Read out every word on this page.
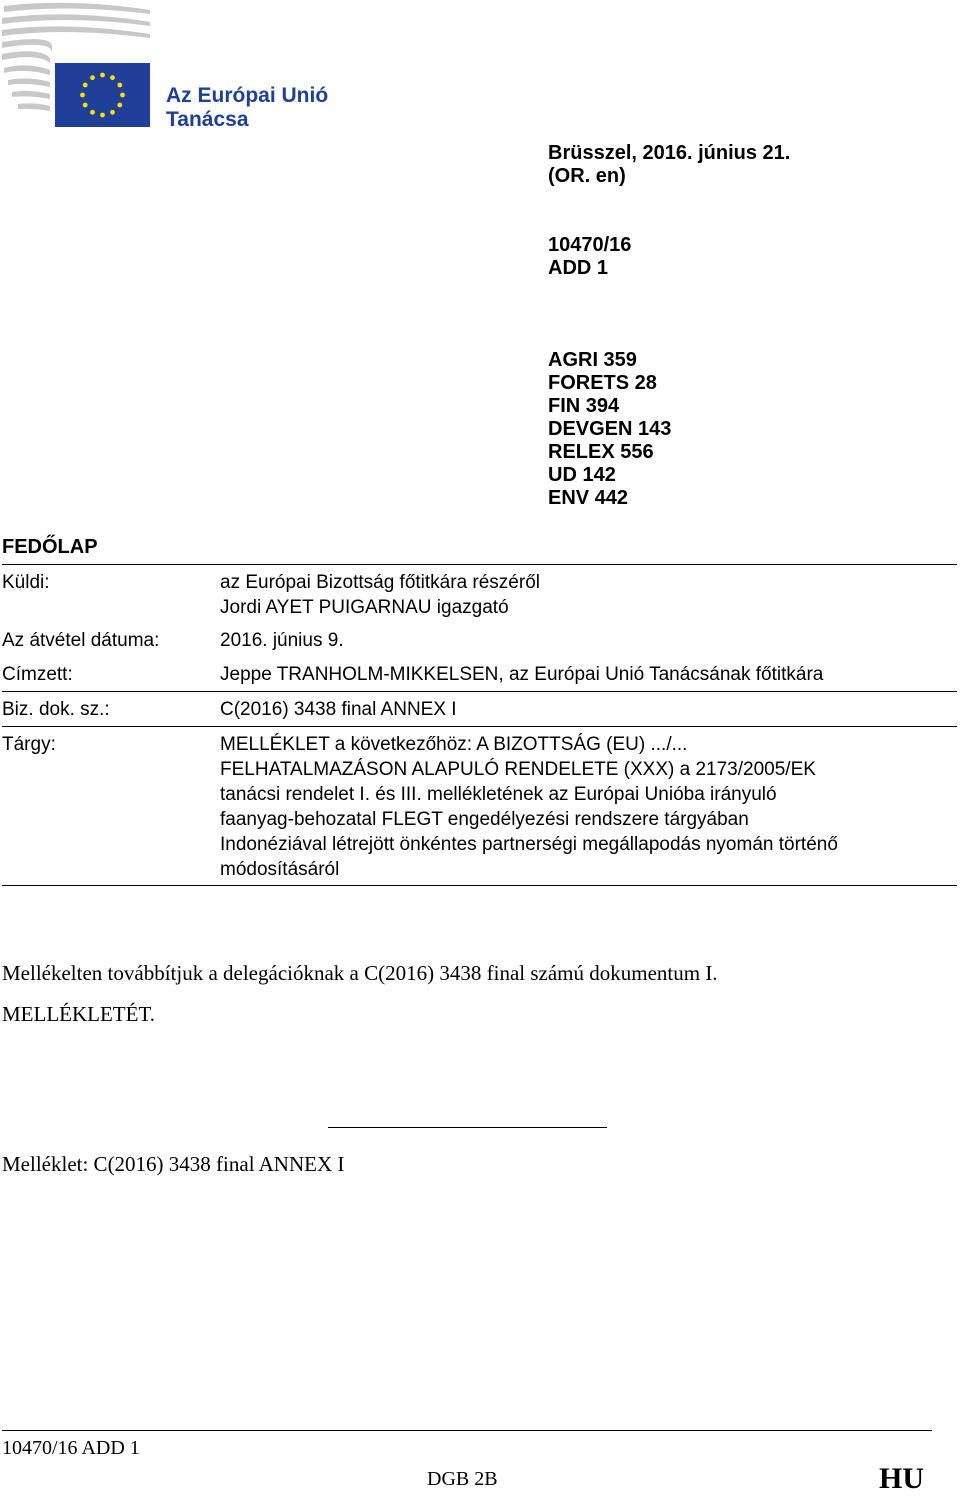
Az Európai Unió
Tanácsa
Brüsszel, 2016. június 21.
(OR. en)
10470/16
ADD 1
AGRI 359
FORETS 28
FIN 394
DEVGEN 143
RELEX 556
UD 142
ENV 442
FEDŐLAP
Küldi:	az Európai Bizottság főtitkára részéről
Jordi AYET PUIGARNAU igazgató
Az átvétel dátuma:	2016. június 9.
Címzett:	Jeppe TRANHOLM-MIKKELSEN, az Európai Unió Tanácsának főtitkára
Biz. dok. sz.:	C(2016) 3438 final ANNEX I
Tárgy:	MELLÉKLET a következőhöz: A BIZOTTSÁG (EU) .../...
FELHATALMAZÁSON ALAPULÓ RENDELETE (XXX) a 2173/2005/EK
tanácsi rendelet I. és III. mellékletének az Európai Unióba irányuló
faanyag-behozatal FLEGT engedélyezési rendszere tárgyában
Indonéziával létrejött önkéntes partnerségi megállapodás nyomán történő
módosításáról
Mellékelten továbbítjuk a delegációknak a C(2016) 3438 final számú dokumentum I.
MELLÉKLETÉT.
Melléklet: C(2016) 3438 final ANNEX I
10470/16 ADD 1
DGB 2B	HU
